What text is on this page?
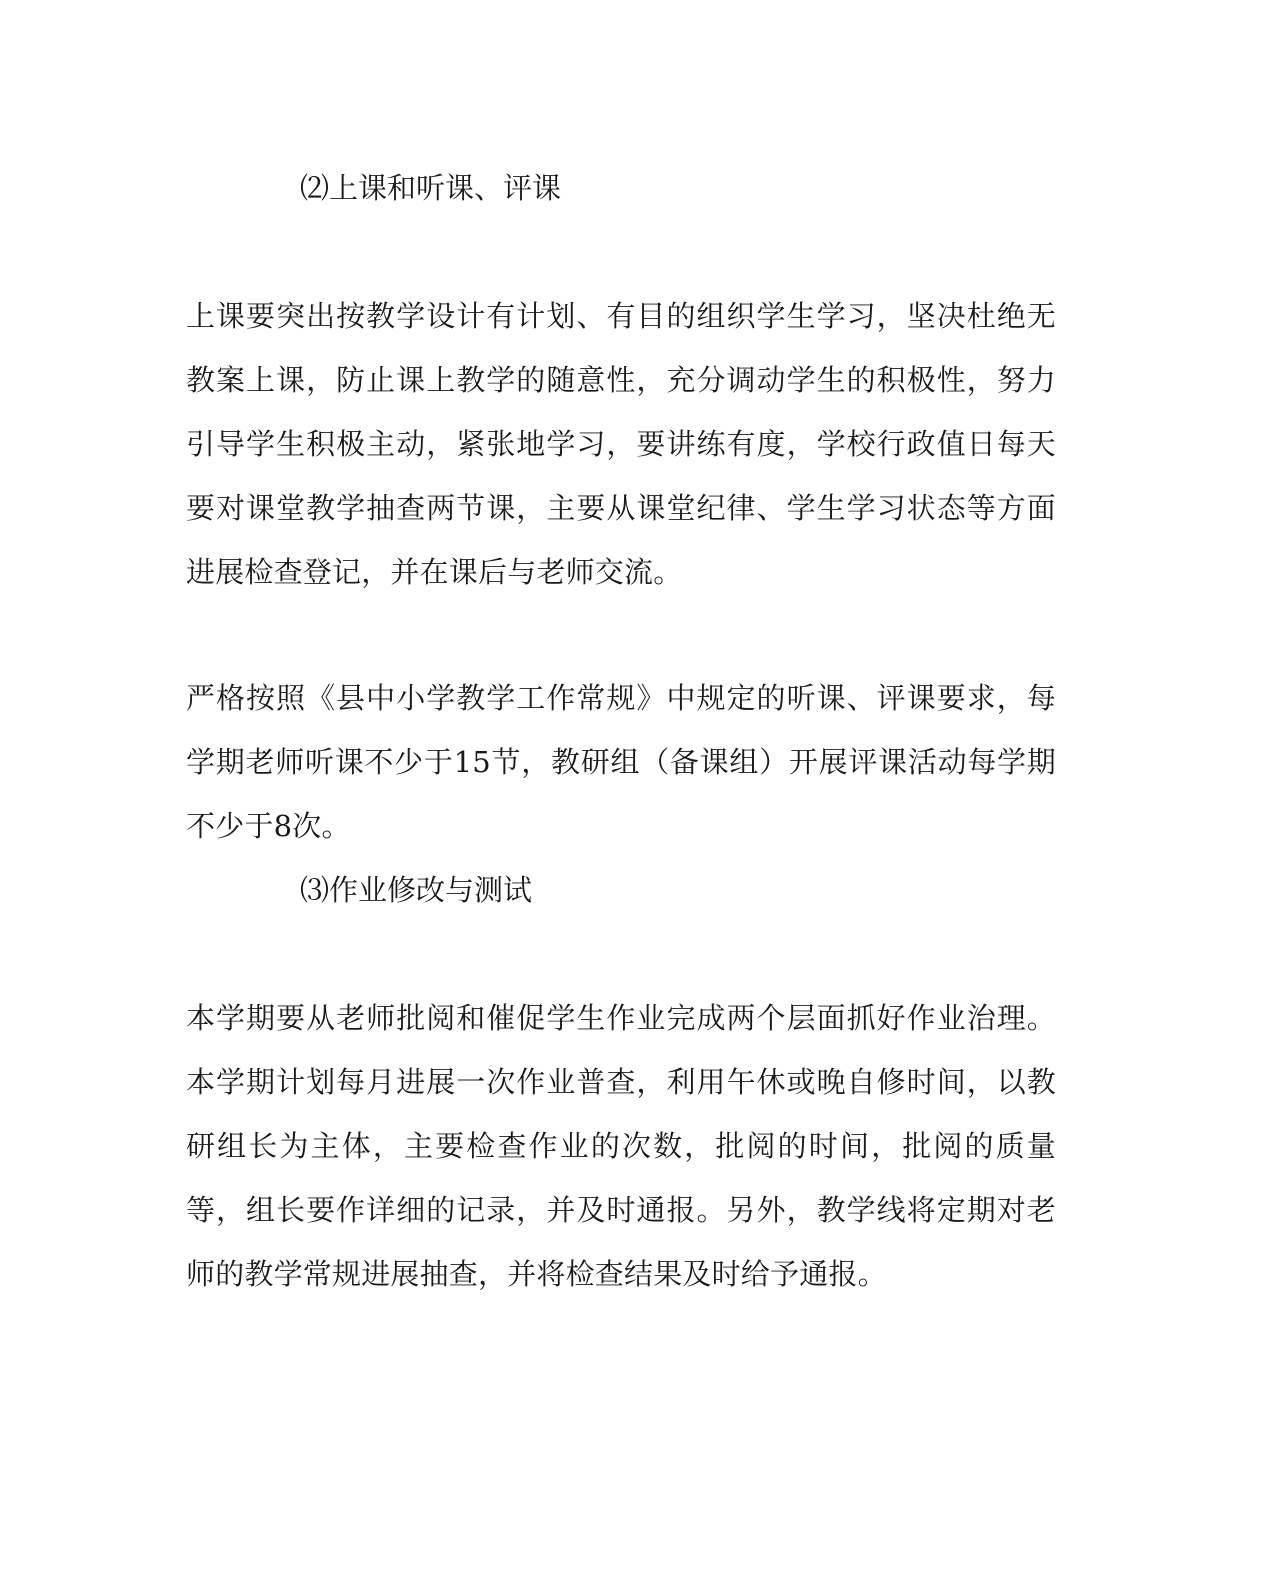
⑵上课和听课、评课

上课要突出按教学设计有计划、有目的组织学生学习，坚决杜绝无教案上课，防止课上教学的随意性，充分调动学生的积极性，努力引导学生积极主动，紧张地学习，要讲练有度，学校行政值日每天要对课堂教学抽查两节课，主要从课堂纪律、学生学习状态等方面进展检查登记，并在课后与老师交流。

严格按照《县中小学教学工作常规》中规定的听课、评课要求，每学期老师听课不少于15节，教研组（备课组）开展评课活动每学期不少于8次。

⑶作业修改与测试

本学期要从老师批阅和催促学生作业完成两个层面抓好作业治理。本学期计划每月进展一次作业普查，利用午休或晚自修时间，以教研组长为主体，主要检查作业的次数，批阅的时间，批阅的质量等，组长要作详细的记录，并及时通报。另外，教学线将定期对老师的教学常规进展抽查，并将检查结果及时给予通报。
